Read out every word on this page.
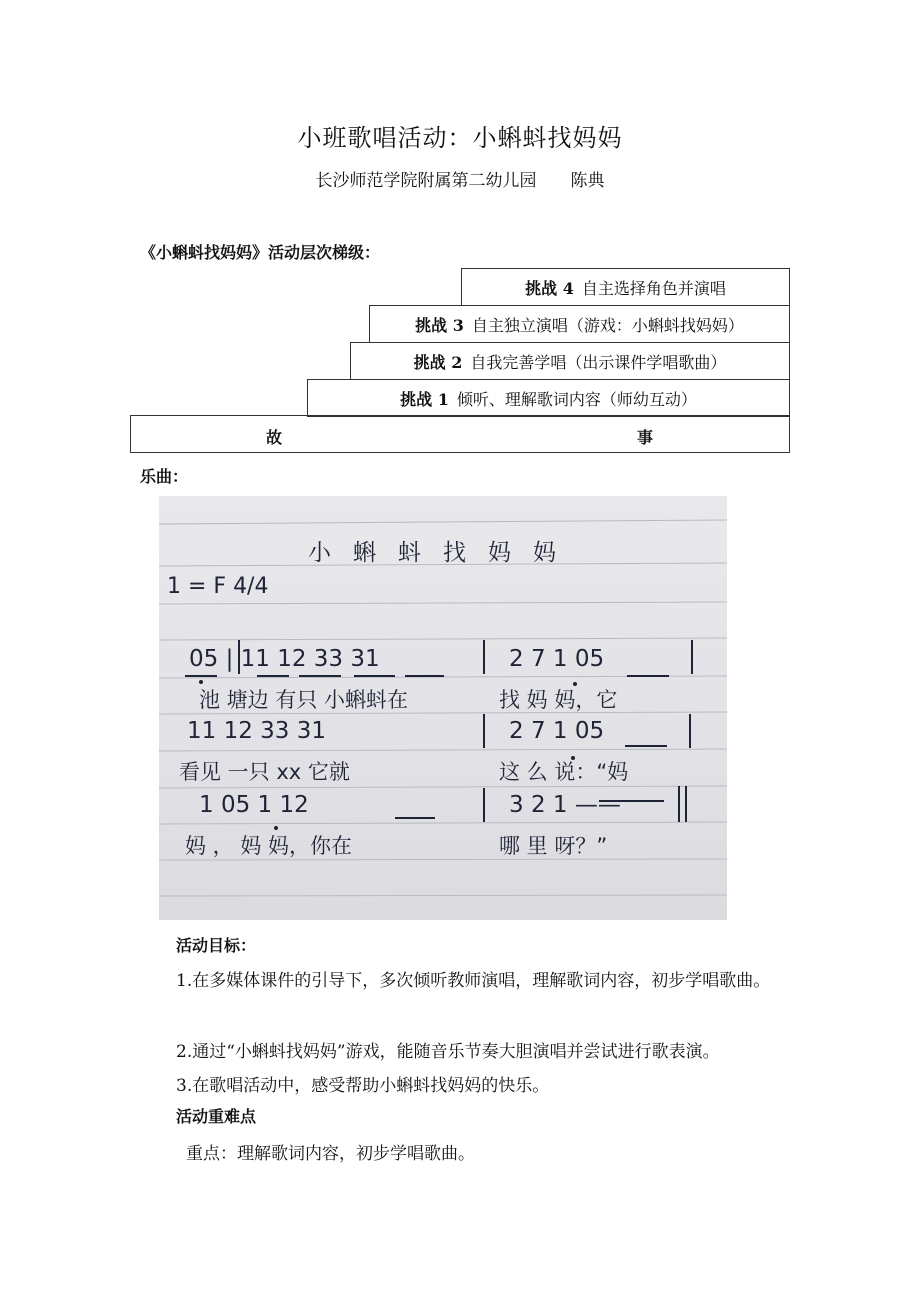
小班歌唱活动：小蝌蚪找妈妈
长沙师范学院附属第二幼儿园 陈典
《小蝌蚪找妈妈》活动层次梯级：
挑战 4 自主选择角色并演唱
挑战 3 自主独立演唱（游戏：小蝌蚪找妈妈）
挑战 2 自我完善学唱（出示课件学唱歌曲）
挑战 1 倾听、理解歌词内容（师幼互动）
故	事
乐曲：
小蝌蚪找妈妈
1 = F 4/4
05 | 11 12 33 31	2 7 1 05
池 塘边 有只 小蝌蚪在	找 妈 妈，它
11 12 33 31	2 7 1 05
看见 一只 xx 它就	这 么 说：“妈
1 05 1 12	3 2 1 ——
妈 ， 妈 妈，你在	哪 里 呀？”
活动目标：
1.在多媒体课件的引导下，多次倾听教师演唱，理解歌词内容，初步学唱歌曲。
2.通过“小蝌蚪找妈妈”游戏，能随音乐节奏大胆演唱并尝试进行歌表演。
3.在歌唱活动中，感受帮助小蝌蚪找妈妈的快乐。
活动重难点
重点：理解歌词内容，初步学唱歌曲。
